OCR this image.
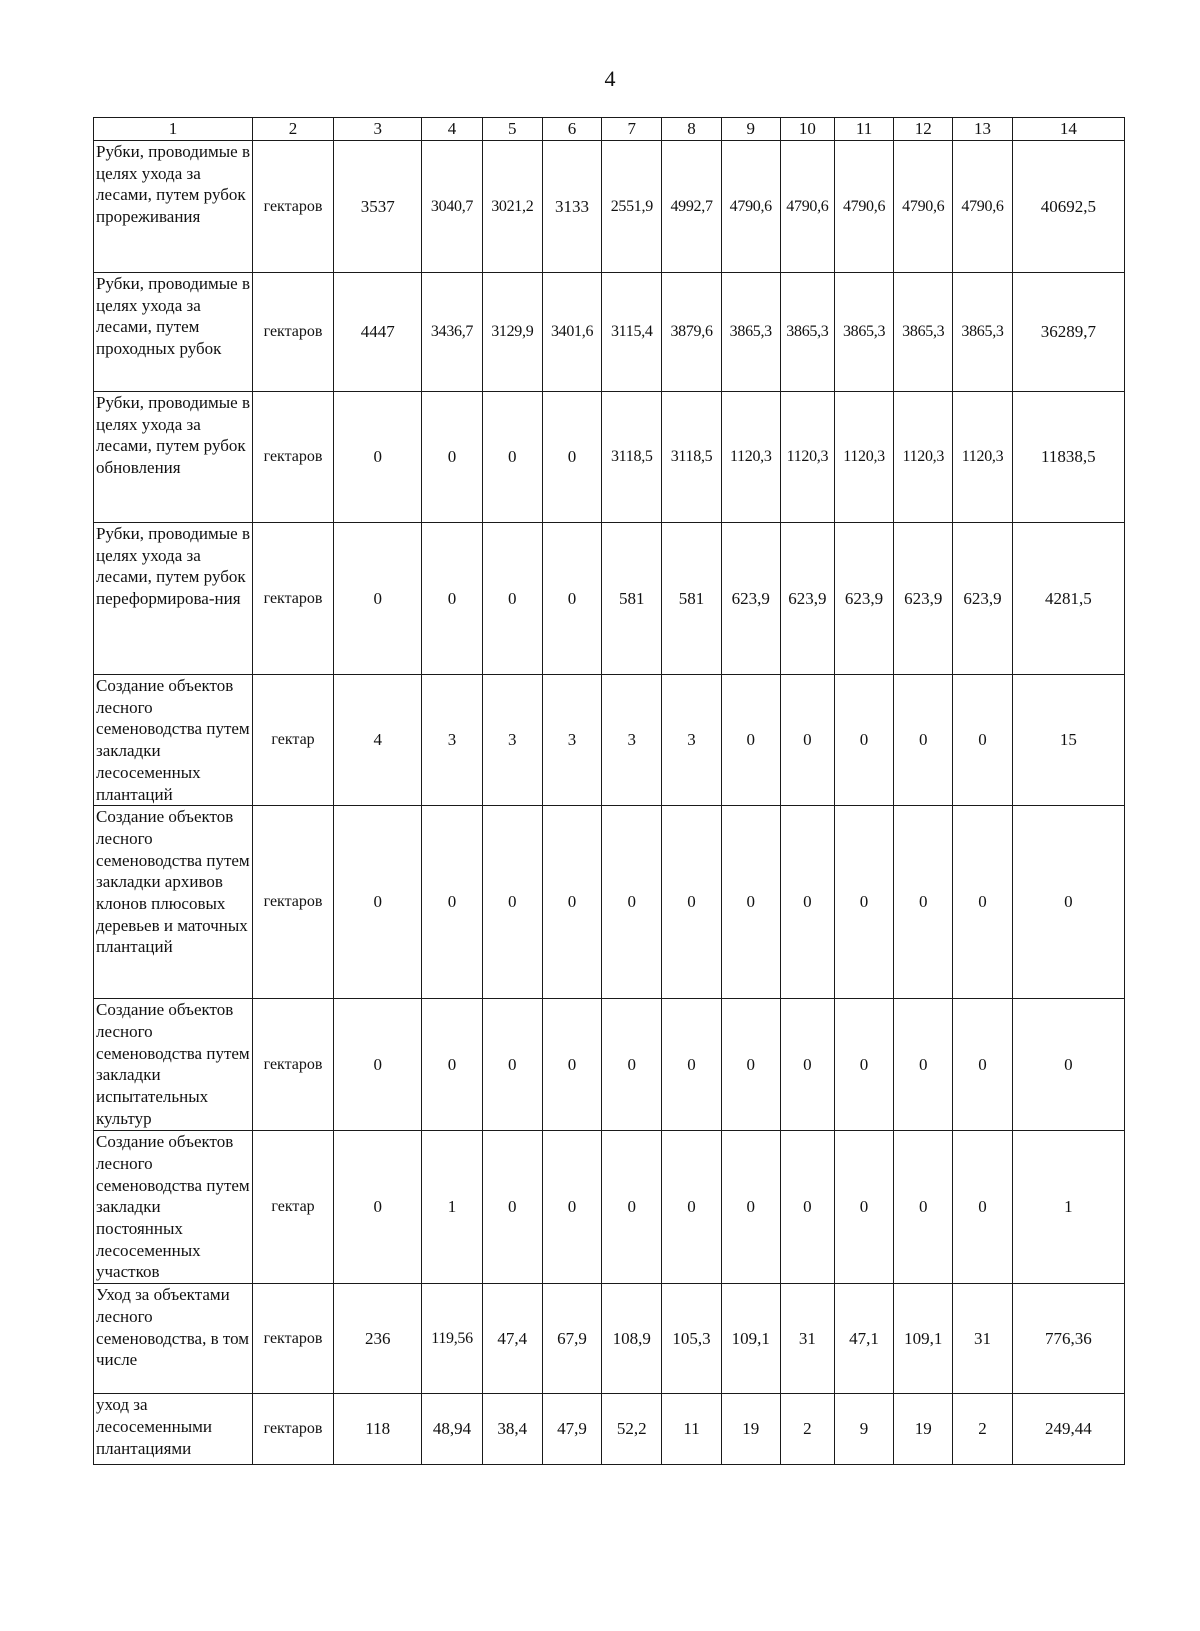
4
1	2	3	4	5	6	7	8	9	10	11	12	13	14
Рубки, проводимые в целях ухода за лесами, путем рубок прореживания	гектаров	3537	3040,7	3021,2	3133	2551,9	4992,7	4790,6	4790,6	4790,6	4790,6	4790,6	40692,5
Рубки, проводимые в целях ухода за лесами, путем проходных рубок	гектаров	4447	3436,7	3129,9	3401,6	3115,4	3879,6	3865,3	3865,3	3865,3	3865,3	3865,3	36289,7
Рубки, проводимые в целях ухода за лесами, путем рубок обновления	гектаров	0	0	0	0	3118,5	3118,5	1120,3	1120,3	1120,3	1120,3	1120,3	11838,5
Рубки, проводимые в целях ухода за лесами, путем рубок переформирова-ния	гектаров	0	0	0	0	581	581	623,9	623,9	623,9	623,9	623,9	4281,5
Создание объектов лесного семеноводства путем закладки лесосеменных плантаций	гектар	4	3	3	3	3	3	0	0	0	0	0	15
Создание объектов лесного семеноводства путем закладки архивов клонов плюсовых деревьев и маточных плантаций	гектаров	0	0	0	0	0	0	0	0	0	0	0	0
Создание объектов лесного семеноводства путем закладки испытательных культур	гектаров	0	0	0	0	0	0	0	0	0	0	0	0
Создание объектов лесного семеноводства путем закладки постоянных лесосеменных участков	гектар	0	1	0	0	0	0	0	0	0	0	0	1
Уход за объектами лесного семеноводства, в том числе	гектаров	236	119,56	47,4	67,9	108,9	105,3	109,1	31	47,1	109,1	31	776,36
уход за лесосеменными плантациями	гектаров	118	48,94	38,4	47,9	52,2	11	19	2	9	19	2	249,44
